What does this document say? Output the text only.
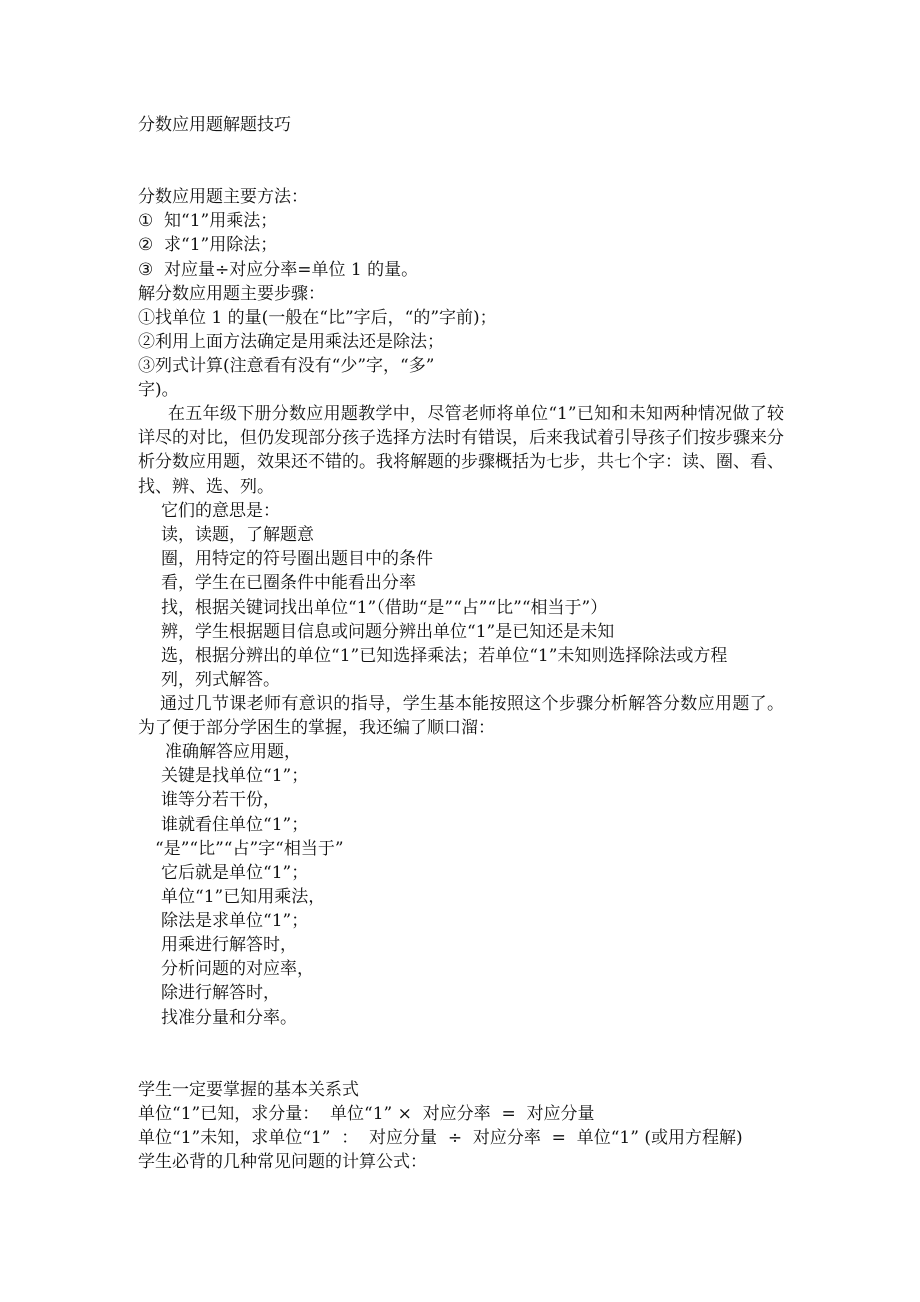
分数应用题解题技巧
分数应用题主要方法：
① 知“1”用乘法；
② 求“1”用除法；
③ 对应量÷对应分率=单位 1 的量。
解分数应用题主要步骤：
①找单位 1 的量(一般在“比”字后，“的”字前)；
②利用上面方法确定是用乘法还是除法；
③列式计算(注意看有没有“少”字，“多”
字)。
在五年级下册分数应用题教学中，尽管老师将单位“1”已知和未知两种情况做了较详尽的对比，但仍发现部分孩子选择方法时有错误，后来我试着引导孩子们按步骤来分析分数应用题，效果还不错的。我将解题的步骤概括为七步，共七个字：读、圈、看、找、辨、选、列。
它们的意思是：
读，读题，了解题意
圈，用特定的符号圈出题目中的条件
看，学生在已圈条件中能看出分率
找，根据关键词找出单位“1”（借助“是”“占”“比”“相当于”）
辨，学生根据题目信息或问题分辨出单位“1”是已知还是未知
选，根据分辨出的单位“1”已知选择乘法；若单位“1”未知则选择除法或方程
列，列式解答。
通过几节课老师有意识的指导，学生基本能按照这个步骤分析解答分数应用题了。为了便于部分学困生的掌握，我还编了顺口溜：
准确解答应用题，
关键是找单位“1”；
谁等分若干份，
谁就看住单位“1”；
“是”“比”“占”字“相当于”
它后就是单位“1”；
单位“1”已知用乘法，
除法是求单位“1”；
用乘进行解答时，
分析问题的对应率，
除进行解答时，
找准分量和分率。
学生一定要掌握的基本关系式
单位“1”已知，求分量：  单位“1” ×  对应分率  =  对应分量
单位“1”未知，求单位“1”  ：  对应分量  ÷  对应分率  =  单位“1” (或用方程解)
学生必背的几种常见问题的计算公式：
